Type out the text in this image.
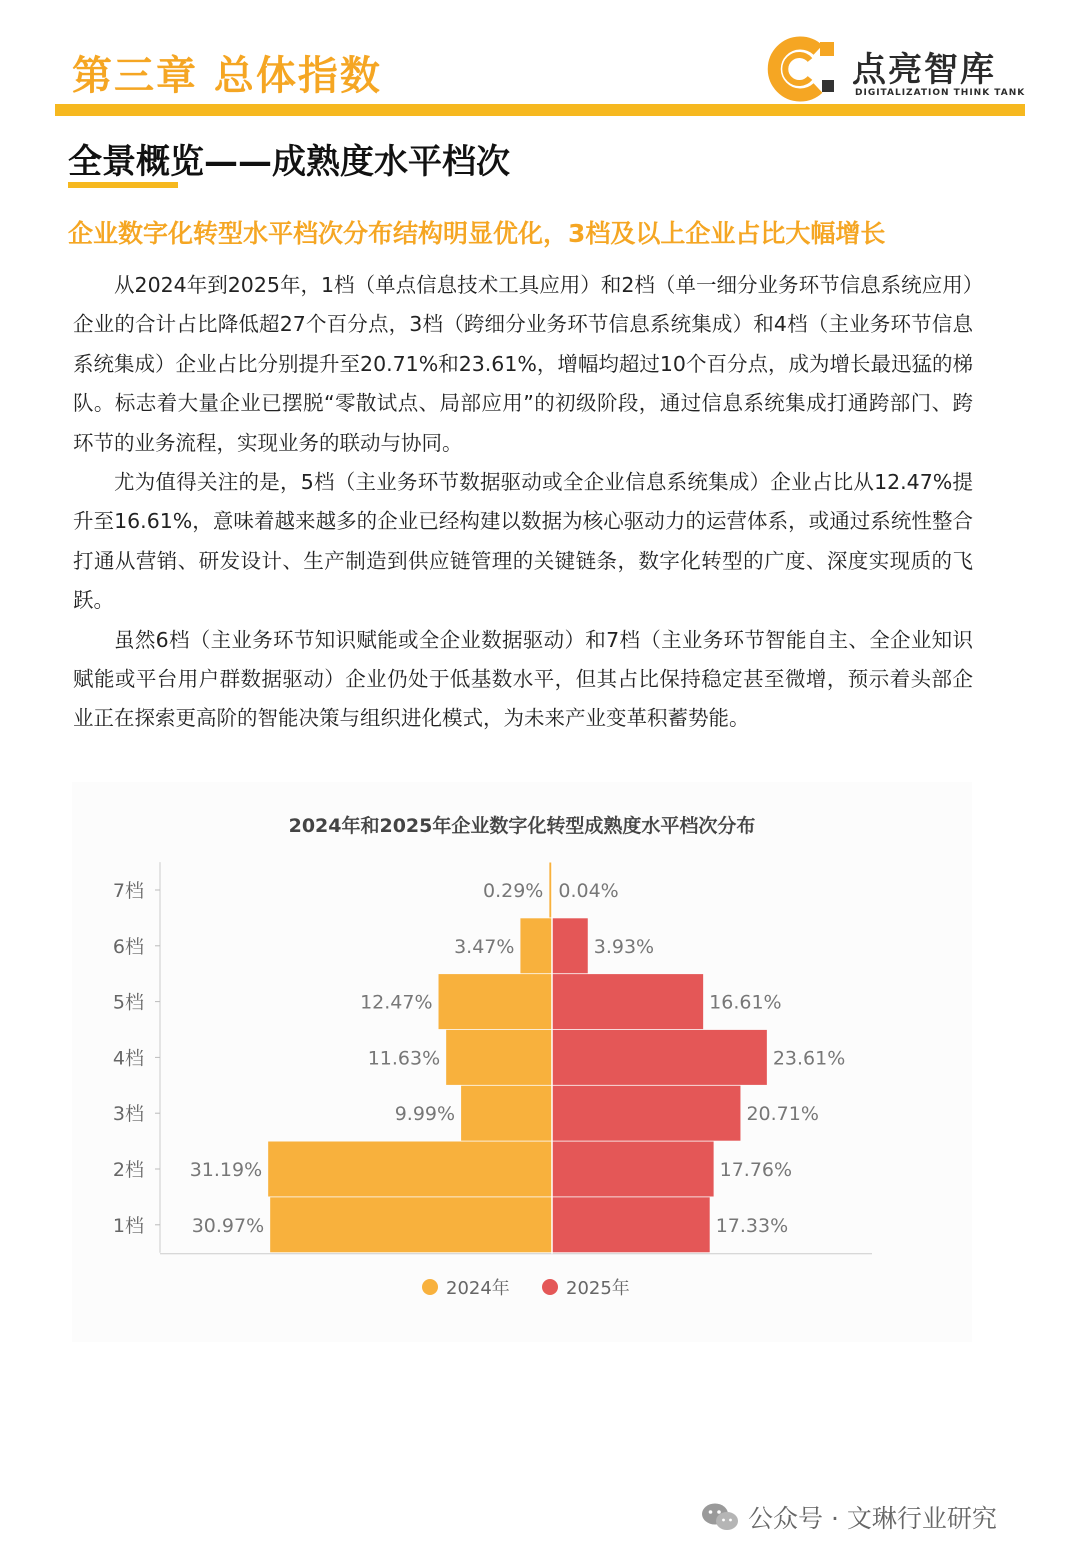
第三章 总体指数	点亮智库
DIGITALIZATION THINK TANK
全景概览——成熟度水平档次
企业数字化转型水平档次分布结构明显优化，3档及以上企业占比大幅增长

从2024年到2025年，1档（单点信息技术工具应用）和2档（单一细分业务环节信息系统应用）企业的合计占比降低超27个百分点，3档（跨细分业务环节信息系统集成）和4档（主业务环节信息系统集成）企业占比分别提升至20.71%和23.61%，增幅均超过10个百分点，成为增长最迅猛的梯队。标志着大量企业已摆脱“零散试点、局部应用”的初级阶段，通过信息系统集成打通跨部门、跨环节的业务流程，实现业务的联动与协同。

尤为值得关注的是，5档（主业务环节数据驱动或全企业信息系统集成）企业占比从12.47%提升至16.61%，意味着越来越多的企业已经构建以数据为核心驱动力的运营体系，或通过系统性整合打通从营销、研发设计、生产制造到供应链管理的关键链条，数字化转型的广度、深度实现质的飞跃。

虽然6档（主业务环节知识赋能或全企业数据驱动）和7档（主业务环节智能自主、全企业知识赋能或平台用户群数据驱动）企业仍处于低基数水平，但其占比保持稳定甚至微增，预示着头部企业正在探索更高阶的智能决策与组织进化模式，为未来产业变革积蓄势能。

2024年和2025年企业数字化转型成熟度水平档次分布
7档	0.29% 0.04%
6档	3.47%	3.93%
5档	12.47%	16.61%
4档	11.63%	23.61%
3档	9.99%	20.71%
2档 31.19%	17.76%
1档	30.97%	17.33%
2024年	2025年
公众号 · 文琳行业研究
